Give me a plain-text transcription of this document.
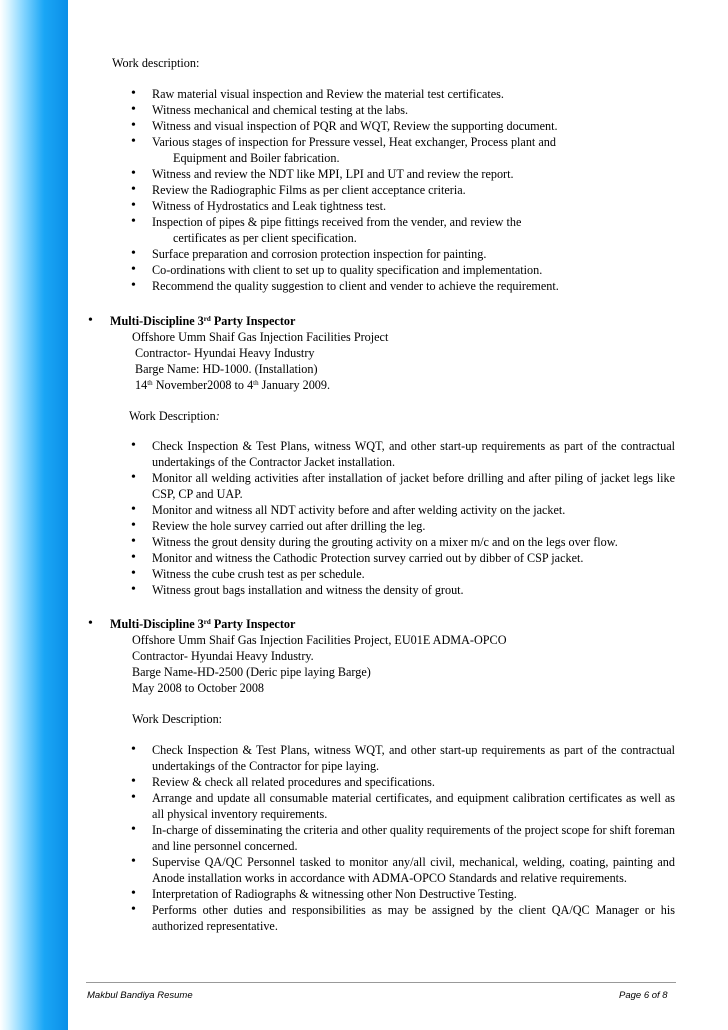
Work description:
• Raw material visual inspection and Review the material test certificates.
• Witness mechanical and chemical testing at the labs.
• Witness and visual inspection of PQR and WQT, Review the supporting document.
• Various stages of inspection for Pressure vessel, Heat exchanger, Process plant and
Equipment and Boiler fabrication.
• Witness and review the NDT like MPI, LPI and UT and review the report.
• Review the Radiographic Films as per client acceptance criteria.
• Witness of Hydrostatics and Leak tightness test.
• Inspection of pipes & pipe fittings received from the vender, and review the
certificates as per client specification.
• Surface preparation and corrosion protection inspection for painting.
• Co-ordinations with client to set up to quality specification and implementation.
• Recommend the quality suggestion to client and vender to achieve the requirement.
• Multi-Discipline 3rd Party Inspector
Offshore Umm Shaif Gas Injection Facilities Project
Contractor- Hyundai Heavy Industry
Barge Name: HD-1000. (Installation)
14th November2008 to 4th January 2009.
Work Description:
• Check Inspection & Test Plans, witness WQT, and other start-up requirements as part of the contractual undertakings of the Contractor Jacket installation.
• Monitor all welding activities after installation of jacket before drilling and after piling of jacket legs like CSP, CP and UAP.
• Monitor and witness all NDT activity before and after welding activity on the jacket.
• Review the hole survey carried out after drilling the leg.
• Witness the grout density during the grouting activity on a mixer m/c and on the legs over flow.
• Monitor and witness the Cathodic Protection survey carried out by dibber of CSP jacket.
• Witness the cube crush test as per schedule.
• Witness grout bags installation and witness the density of grout.
• Multi-Discipline 3rd Party Inspector
Offshore Umm Shaif Gas Injection Facilities Project, EU01E ADMA-OPCO
Contractor- Hyundai Heavy Industry.
Barge Name-HD-2500 (Deric pipe laying Barge)
May 2008 to October 2008
Work Description:
• Check Inspection & Test Plans, witness WQT, and other start-up requirements as part of the contractual undertakings of the Contractor for pipe laying.
• Review & check all related procedures and specifications.
• Arrange and update all consumable material certificates, and equipment calibration certificates as well as all physical inventory requirements.
• In-charge of disseminating the criteria and other quality requirements of the project scope for shift foreman and line personnel concerned.
• Supervise QA/QC Personnel tasked to monitor any/all civil, mechanical, welding, coating, painting and Anode installation works in accordance with ADMA-OPCO Standards and relative requirements.
• Interpretation of Radiographs & witnessing other Non Destructive Testing.
• Performs other duties and responsibilities as may be assigned by the client QA/QC Manager or his authorized representative.
Makbul Bandiya Resume	Page 6 of 8
